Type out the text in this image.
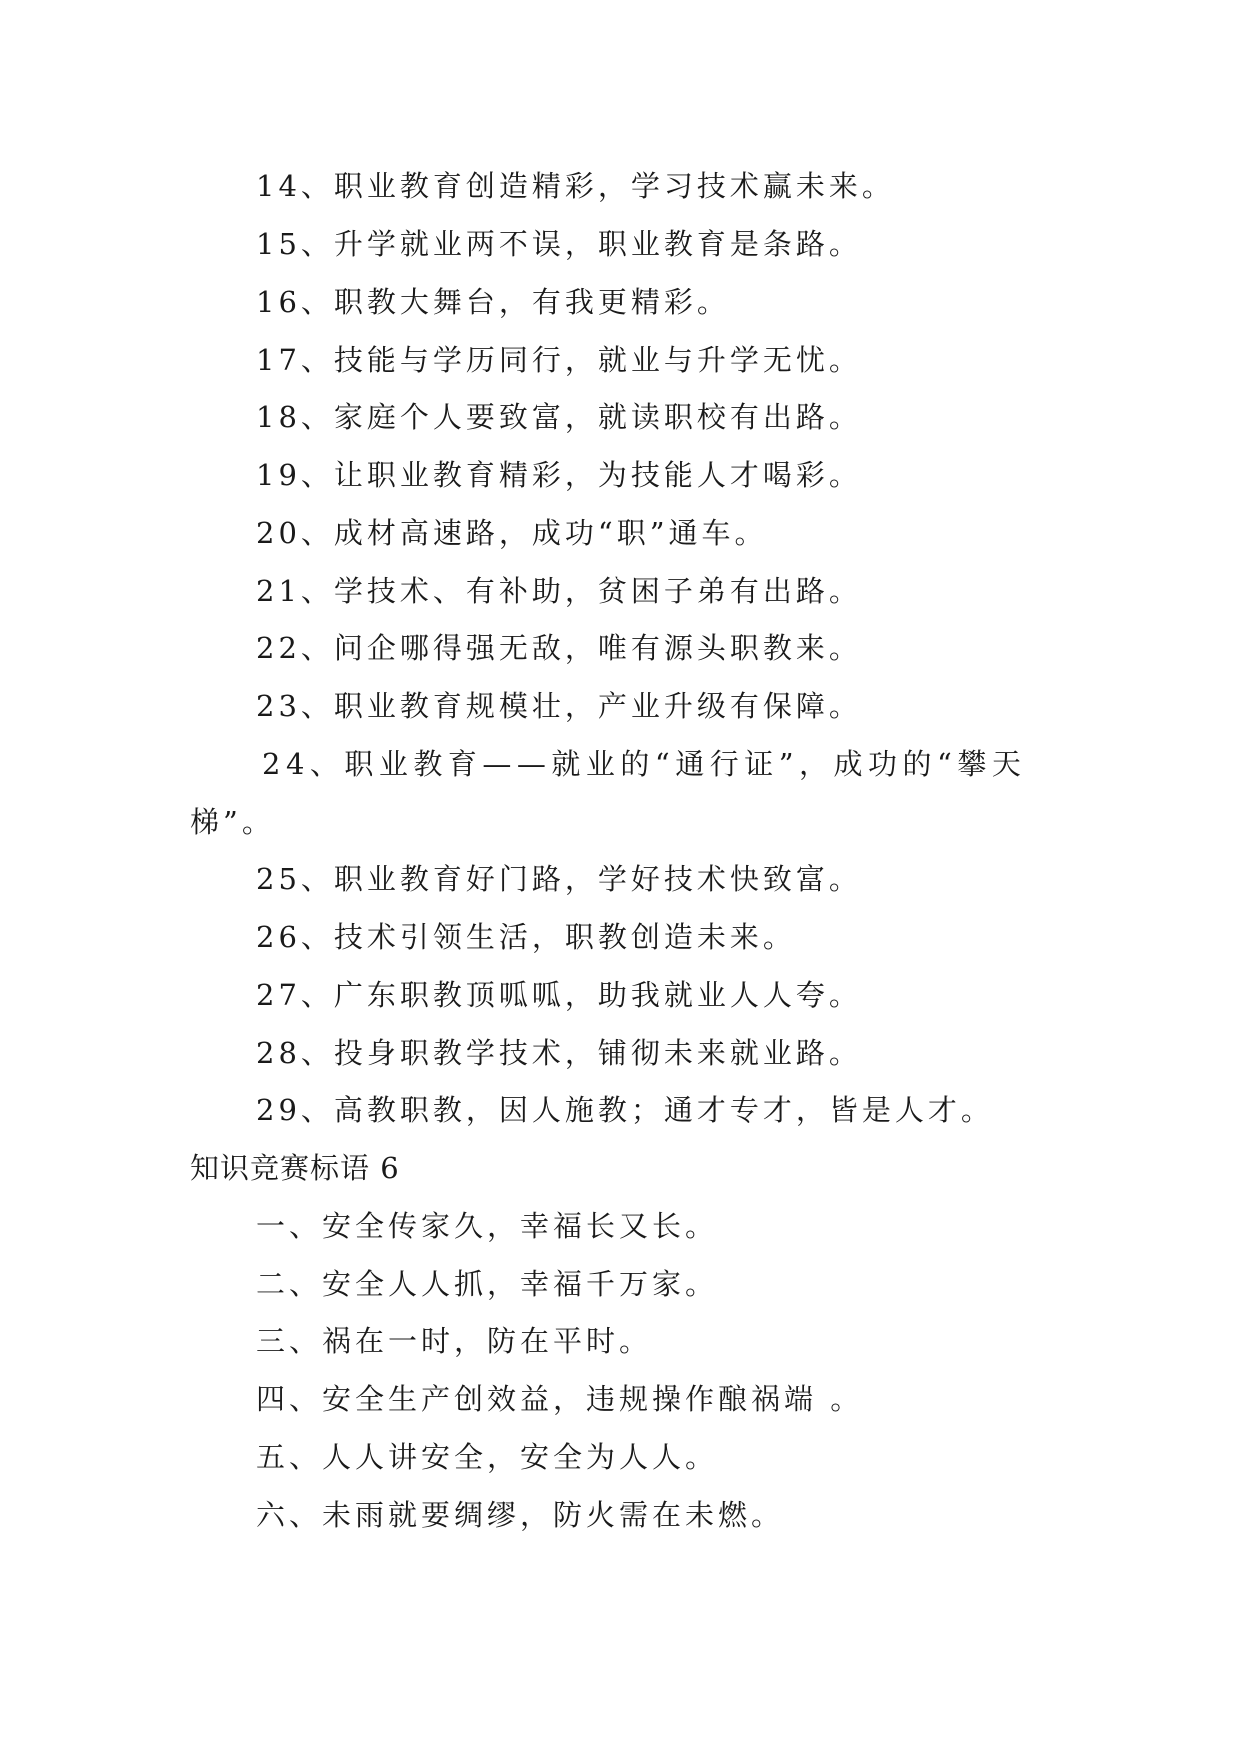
14、职业教育创造精彩，学习技术赢未来。
15、升学就业两不误，职业教育是条路。
16、职教大舞台，有我更精彩。
17、技能与学历同行，就业与升学无忧。
18、家庭个人要致富，就读职校有出路。
19、让职业教育精彩，为技能人才喝彩。
20、成材高速路，成功“职”通车。
21、学技术、有补助，贫困子弟有出路。
22、问企哪得强无敌，唯有源头职教来。
23、职业教育规模壮，产业升级有保障。
24、职业教育——就业的“通行证”，成功的“攀天
梯”。
25、职业教育好门路，学好技术快致富。
26、技术引领生活，职教创造未来。
27、广东职教顶呱呱，助我就业人人夸。
28、投身职教学技术，铺彻未来就业路。
29、高教职教，因人施教；通才专才，皆是人才。
知识竞赛标语 6
一、安全传家久，幸福长又长。
二、安全人人抓，幸福千万家。
三、祸在一时，防在平时。
四、安全生产创效益，违规操作酿祸端 。
五、人人讲安全，安全为人人。
六、未雨就要绸缪，防火需在未燃。
